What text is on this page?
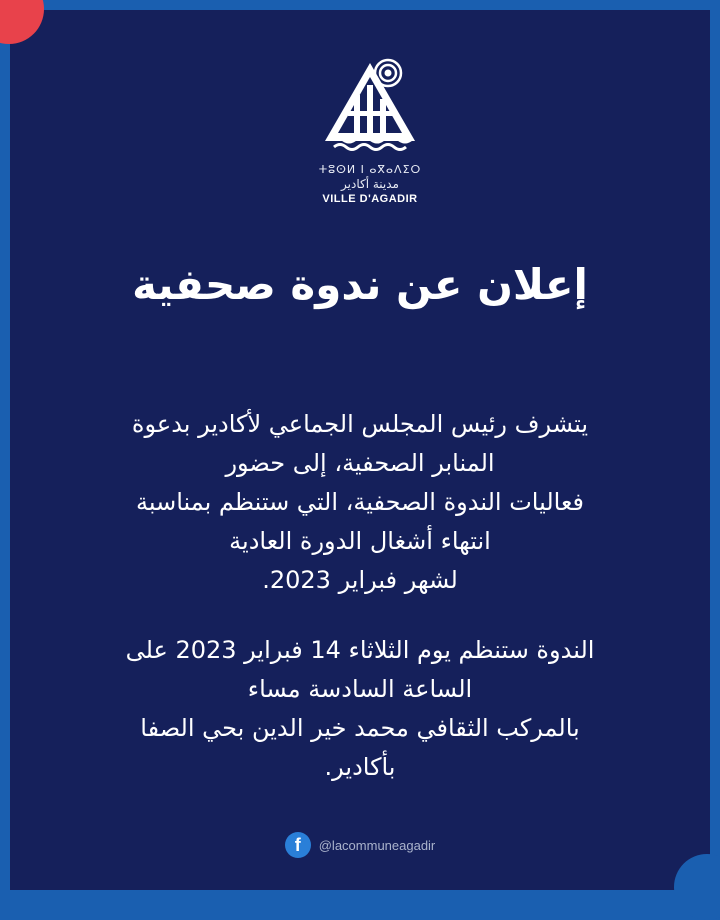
ⵜⵓⵙⵍ ⵏ ⴰⴳⴰⴷⵉⵔ
مدينة أكادير
VILLE D'AGADIR
إعلان عن ندوة صحفية
يتشرف رئيس المجلس الجماعي لأكادير بدعوة
المنابر الصحفية، إلى حضور
فعاليات الندوة الصحفية، التي ستنظم بمناسبة
انتهاء أشغال الدورة العادية
لشهر فبراير 2023.
الندوة ستنظم يوم الثلاثاء 14 فبراير 2023 على
الساعة السادسة مساء
بالمركب الثقافي محمد خير الدين بحي الصفا
بأكادير.
f	@lacommuneagadir
